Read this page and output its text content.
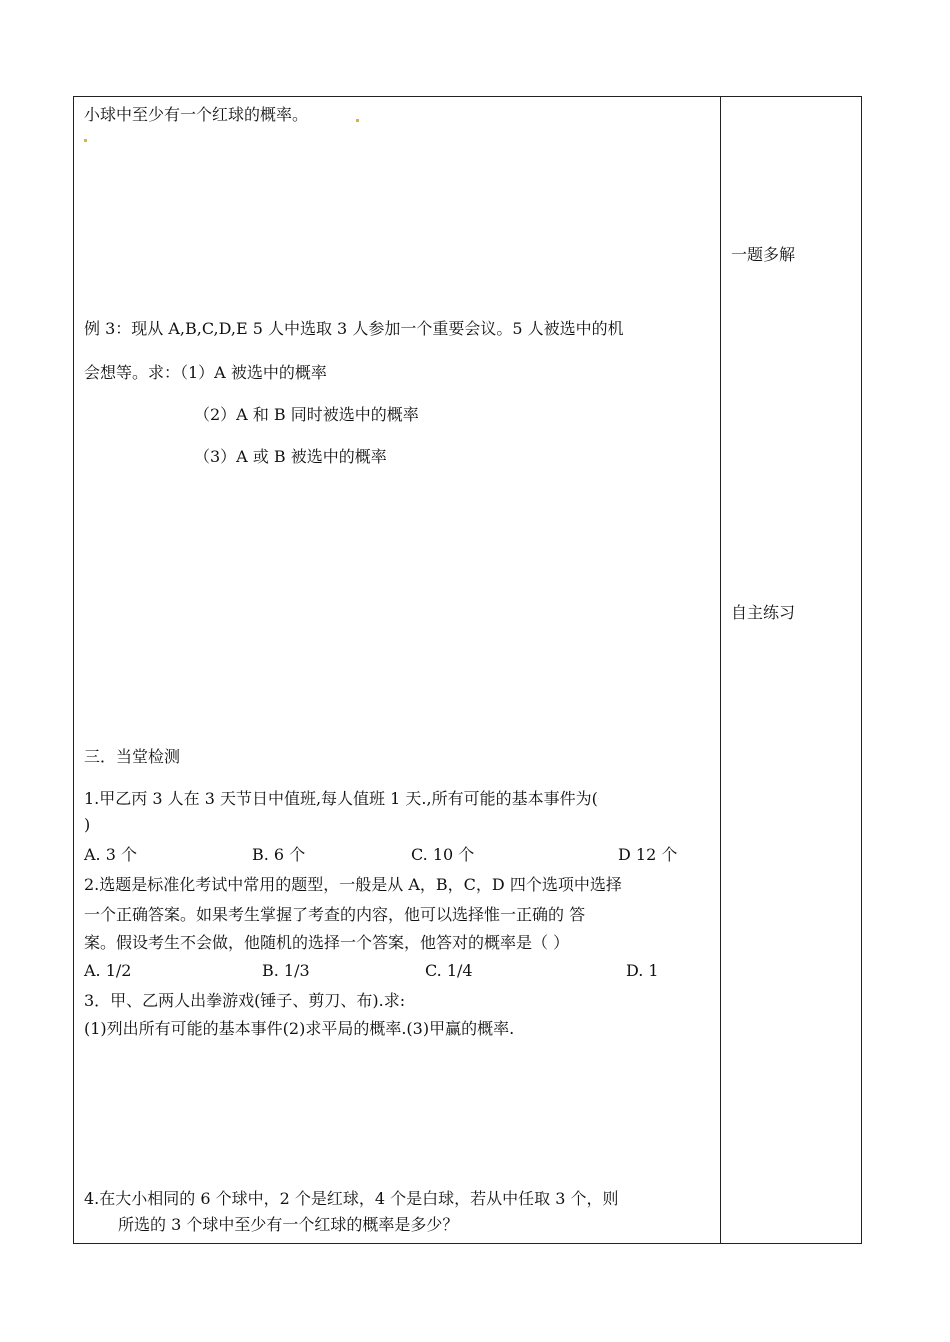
小球中至少有一个红球的概率。
例 3：现从 A,B,C,D,E 5 人中选取 3 人参加一个重要会议。5 人被选中的机
会想等。求：（1）A 被选中的概率
（2）A 和 B 同时被选中的概率
（3）A 或 B 被选中的概率
三．当堂检测
1.甲乙丙 3 人在 3 天节日中值班,每人值班 1 天.,所有可能的基本事件为(
)
A. 3 个	B. 6 个	C. 10 个	D 12 个
2.选题是标准化考试中常用的题型，一般是从 A，B，C，D 四个选项中选择
一个正确答案。如果考生掌握了考查的内容，他可以选择惟一正确的 答
案。假设考生不会做，他随机的选择一个答案，他答对的概率是（ ）
A. 1/2	B. 1/3	C. 1/4	D. 1
3．甲、乙两人出拳游戏(锤子、剪刀、布).求:
(1)列出所有可能的基本事件(2)求平局的概率.(3)甲赢的概率.
4.在大小相同的 6 个球中，2 个是红球，4 个是白球，若从中任取 3 个，则
所选的 3 个球中至少有一个红球的概率是多少？
一题多解
自主练习
